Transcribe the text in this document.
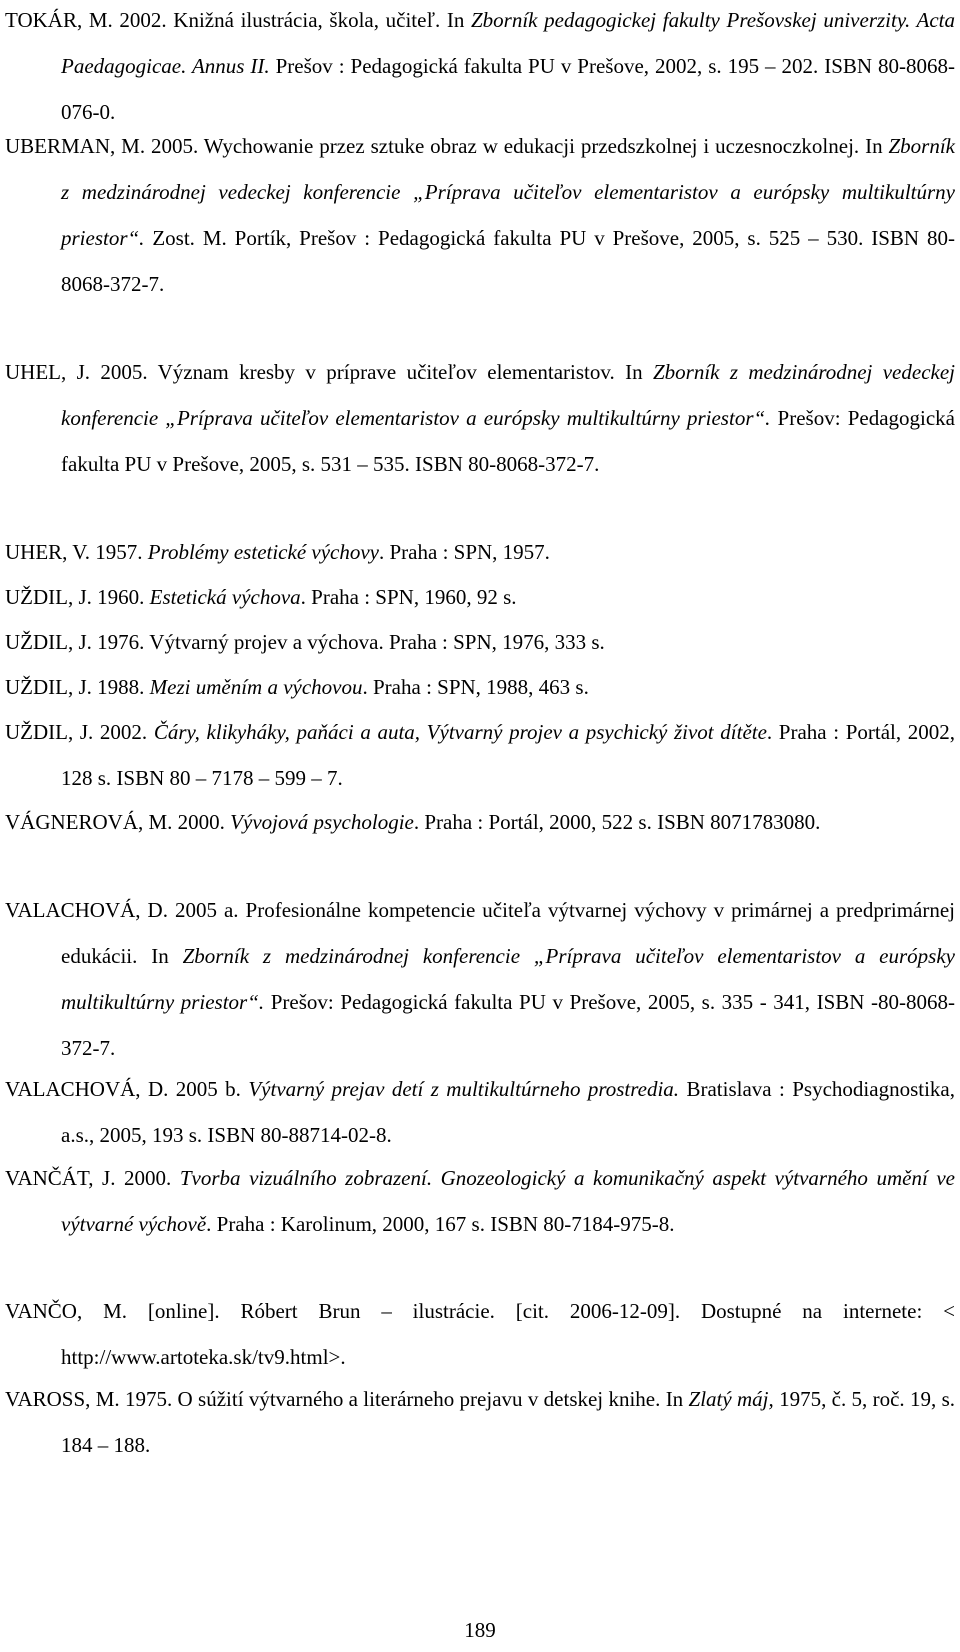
TOKÁR, M. 2002. Knižná ilustrácia, škola, učiteľ. In Zborník pedagogickej fakulty Prešovskej univerzity. Acta Paedagogicae. Annus II. Prešov : Pedagogická fakulta PU v Prešove, 2002, s. 195 – 202. ISBN 80-8068-076-0.

UBERMAN, M. 2005. Wychowanie przez sztuke obraz w edukacji przedszkolnej i uczesnoczkolnej. In Zborník z medzinárodnej vedeckej konferencie „Príprava učiteľov elementaristov a európsky multikultúrny priestor“. Zost. M. Portík, Prešov : Pedagogická fakulta PU v Prešove, 2005, s. 525 – 530. ISBN 80-8068-372-7.

UHEL, J. 2005. Význam kresby v príprave učiteľov elementaristov. In Zborník z medzinárodnej vedeckej konferencie „Príprava učiteľov elementaristov a európsky multikultúrny priestor“. Prešov: Pedagogická fakulta PU v Prešove, 2005, s. 531 – 535. ISBN 80-8068-372-7.

UHER, V. 1957. Problémy estetické výchovy. Praha : SPN, 1957.

UŽDIL, J. 1960. Estetická výchova. Praha : SPN, 1960, 92 s.

UŽDIL, J. 1976. Výtvarný projev a výchova. Praha : SPN, 1976, 333 s.

UŽDIL, J. 1988. Mezi uměním a výchovou. Praha : SPN, 1988, 463 s.

UŽDIL, J. 2002. Čáry, klikyháky, paňáci a auta, Výtvarný projev a psychický život dítěte. Praha : Portál, 2002, 128 s. ISBN 80 – 7178 – 599 – 7.

VÁGNEROVÁ, M. 2000. Vývojová psychologie. Praha : Portál, 2000, 522 s. ISBN 8071783080.

VALACHOVÁ, D. 2005 a. Profesionálne kompetencie učiteľa výtvarnej výchovy v primárnej a predprimárnej edukácii. In Zborník z medzinárodnej konferencie „Príprava učiteľov elementaristov a európsky multikultúrny priestor“. Prešov: Pedagogická fakulta PU v Prešove, 2005, s. 335 - 341, ISBN -80-8068-372-7.

VALACHOVÁ, D. 2005 b. Výtvarný prejav detí z multikultúrneho prostredia. Bratislava : Psychodiagnostika, a.s., 2005, 193 s. ISBN 80-88714-02-8.

VANČÁT, J. 2000. Tvorba vizuálního zobrazení. Gnozeologický a komunikačný aspekt výtvarného umění ve výtvarné výchově. Praha : Karolinum, 2000, 167 s. ISBN 80-7184-975-8.

VANČO, M. [online]. Róbert Brun – ilustrácie. [cit. 2006-12-09]. Dostupné na internete: < http://www.artoteka.sk/tv9.html>.

VAROSS, M. 1975. O súžití výtvarného a literárneho prejavu v detskej knihe. In Zlatý máj, 1975, č. 5, roč. 19, s. 184 – 188.

189
